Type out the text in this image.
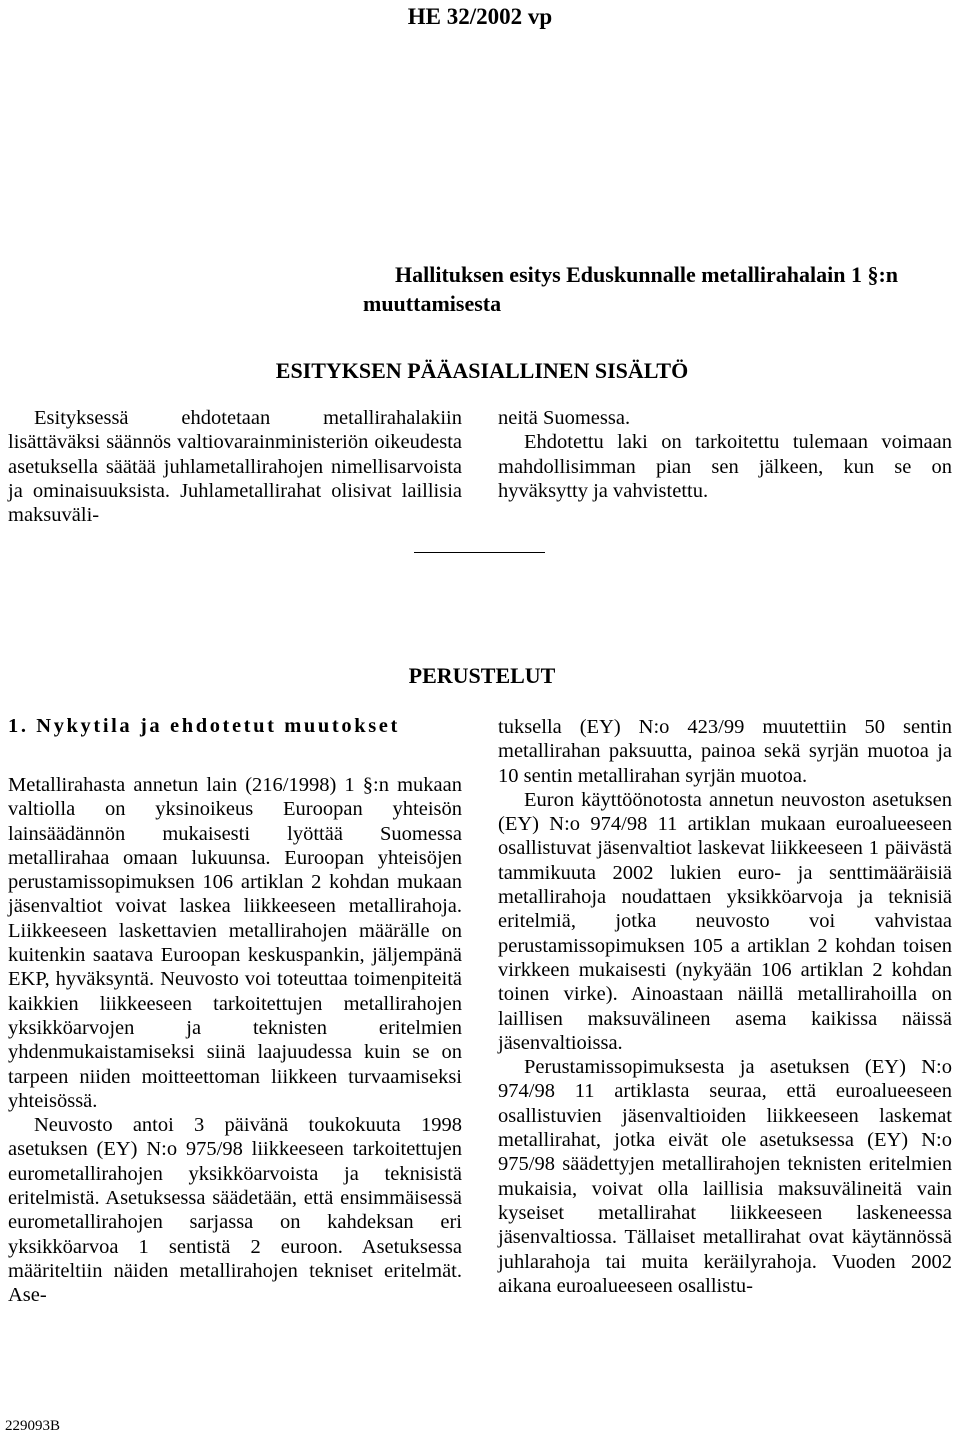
HE 32/2002 vp
Hallituksen esitys Eduskunnalle metallirahalain 1 §:n muuttamisesta
ESITYKSEN PÄÄASIALLINEN SISÄLTÖ

Esityksessä ehdotetaan metallirahalakiin lisättäväksi säännös valtiovarainministeriön oikeudesta asetuksella säätää juhlametallirahojen nimellisarvoista ja ominaisuuksista. Juhlametallirahat olisivat laillisia maksuväli-

neitä Suomessa.

Ehdotettu laki on tarkoitettu tulemaan voimaan mahdollisimman pian sen jälkeen, kun se on hyväksytty ja vahvistettu.

PERUSTELUT
1. Nykytila ja ehdotetut muutokset

Metallirahasta annetun lain (216/1998) 1 §:n mukaan valtiolla on yksinoikeus Euroopan yhteisön lainsäädännön mukaisesti lyöttää Suomessa metallirahaa omaan lukuunsa. Euroopan yhteisöjen perustamissopimuksen 106 artiklan 2 kohdan mukaan jäsenvaltiot voivat laskea liikkeeseen metallirahoja. Liikkeeseen laskettavien metallirahojen määrälle on kuitenkin saatava Euroopan keskuspankin, jäljempänä EKP, hyväksyntä. Neuvosto voi toteuttaa toimenpiteitä kaikkien liikkeeseen tarkoitettujen metallirahojen yksikköarvojen ja teknisten eritelmien yhdenmukaistamiseksi siinä laajuudessa kuin se on tarpeen niiden moitteettoman liikkeen turvaamiseksi yhteisössä.

Neuvosto antoi 3 päivänä toukokuuta 1998 asetuksen (EY) N:o 975/98 liikkeeseen tarkoitettujen eurometallirahojen yksikköarvoista ja teknisistä eritelmistä. Asetuksessa säädetään, että ensimmäisessä eurometallirahojen sarjassa on kahdeksan eri yksikköarvoa 1 sentistä 2 euroon. Asetuksessa määriteltiin näiden metallirahojen tekniset eritelmät. Ase-

tuksella (EY) N:o 423/99 muutettiin 50 sentin metallirahan paksuutta, painoa sekä syrjän muotoa ja 10 sentin metallirahan syrjän muotoa.

Euron käyttöönotosta annetun neuvoston asetuksen (EY) N:o 974/98 11 artiklan mukaan euroalueeseen osallistuvat jäsenvaltiot laskevat liikkeeseen 1 päivästä tammikuuta 2002 lukien euro- ja senttimääräisiä metallirahoja noudattaen yksikköarvoja ja teknisiä eritelmiä, jotka neuvosto voi vahvistaa perustamissopimuksen 105 a artiklan 2 kohdan toisen virkkeen mukaisesti (nykyään 106 artiklan 2 kohdan toinen virke). Ainoastaan näillä metallirahoilla on laillisen maksuvälineen asema kaikissa näissä jäsenvaltioissa.

Perustamissopimuksesta ja asetuksen (EY) N:o 974/98 11 artiklasta seuraa, että euroalueeseen osallistuvien jäsenvaltioiden liikkeeseen laskemat metallirahat, jotka eivät ole asetuksessa (EY) N:o 975/98 säädettyjen metallirahojen teknisten eritelmien mukaisia, voivat olla laillisia maksuvälineitä vain kyseiset metallirahat liikkeeseen laskeneessa jäsenvaltiossa. Tällaiset metallirahat ovat käytännössä juhlarahoja tai muita keräilyrahoja. Vuoden 2002 aikana euroalueeseen osallistu-

229093B
